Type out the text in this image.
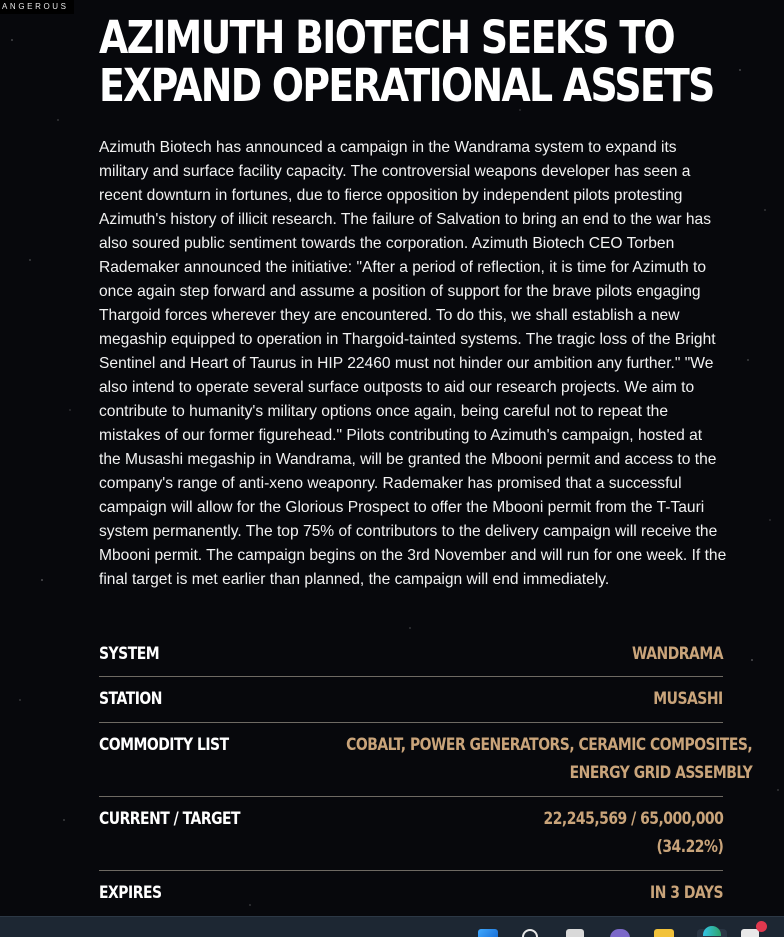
ANGEROUS
AZIMUTH BIOTECH SEEKS TO
EXPAND OPERATIONAL ASSETS

Azimuth Biotech has announced a campaign in the Wandrama system to expand its military and surface facility capacity. The controversial weapons developer has seen a recent downturn in fortunes, due to fierce opposition by independent pilots protesting Azimuth's history of illicit research. The failure of Salvation to bring an end to the war has also soured public sentiment towards the corporation. Azimuth Biotech CEO Torben Rademaker announced the initiative: "After a period of reflection, it is time for Azimuth to once again step forward and assume a position of support for the brave pilots engaging Thargoid forces wherever they are encountered. To do this, we shall establish a new megaship equipped to operation in Thargoid-tainted systems. The tragic loss of the Bright Sentinel and Heart of Taurus in HIP 22460 must not hinder our ambition any further." "We also intend to operate several surface outposts to aid our research projects. We aim to contribute to humanity's military options once again, being careful not to repeat the mistakes of our former figurehead." Pilots contributing to Azimuth's campaign, hosted at the Musashi megaship in Wandrama, will be granted the Mbooni permit and access to the company's range of anti-xeno weaponry. Rademaker has promised that a successful campaign will allow for the Glorious Prospect to offer the Mbooni permit from the T-Tauri system permanently. The top 75% of contributors to the delivery campaign will receive the Mbooni permit. The campaign begins on the 3rd November and will run for one week. If the final target is met earlier than planned, the campaign will end immediately.

SYSTEM	WANDRAMA
STATION	MUSASHI
COMMODITY LIST	COBALT, POWER GENERATORS, CERAMIC COMPOSITES,
ENERGY GRID ASSEMBLY
CURRENT / TARGET	22,245,569 / 65,000,000
(34.22%)
EXPIRES	IN 3 DAYS
